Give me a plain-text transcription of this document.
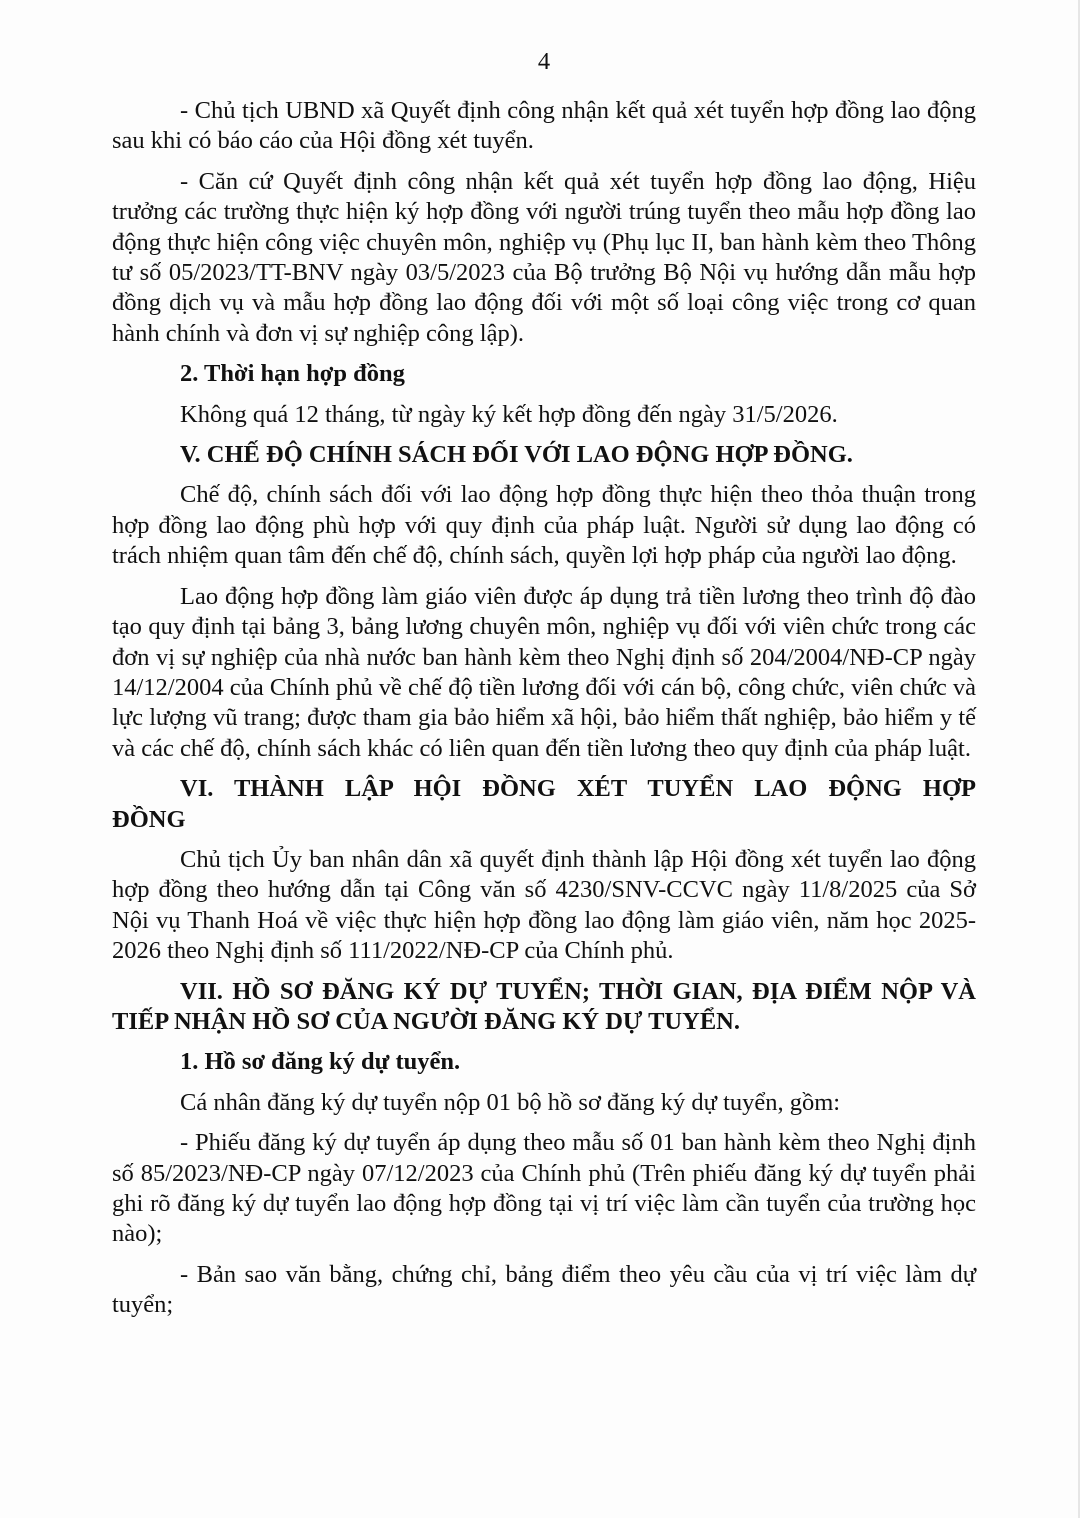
4

- Chủ tịch UBND xã Quyết định công nhận kết quả xét tuyển hợp đồng lao động sau khi có báo cáo của Hội đồng xét tuyển.

- Căn cứ Quyết định công nhận kết quả xét tuyển hợp đồng lao động, Hiệu trưởng các trường thực hiện ký hợp đồng với người trúng tuyển theo mẫu hợp đồng lao động thực hiện công việc chuyên môn, nghiệp vụ (Phụ lục II, ban hành kèm theo Thông tư số 05/2023/TT-BNV ngày 03/5/2023 của Bộ trưởng Bộ Nội vụ hướng dẫn mẫu hợp đồng dịch vụ và mẫu hợp đồng lao động đối với một số loại công việc trong cơ quan hành chính và đơn vị sự nghiệp công lập).

2. Thời hạn hợp đồng

Không quá 12 tháng, từ ngày ký kết hợp đồng đến ngày 31/5/2026.

V. CHẾ ĐỘ CHÍNH SÁCH ĐỐI VỚI LAO ĐỘNG HỢP ĐỒNG.

Chế độ, chính sách đối với lao động hợp đồng thực hiện theo thỏa thuận trong hợp đồng lao động phù hợp với quy định của pháp luật. Người sử dụng lao động có trách nhiệm quan tâm đến chế độ, chính sách, quyền lợi hợp pháp của người lao động.

Lao động hợp đồng làm giáo viên được áp dụng trả tiền lương theo trình độ đào tạo quy định tại bảng 3, bảng lương chuyên môn, nghiệp vụ đối với viên chức trong các đơn vị sự nghiệp của nhà nước ban hành kèm theo Nghị định số 204/2004/NĐ-CP ngày 14/12/2004 của Chính phủ về chế độ tiền lương đối với cán bộ, công chức, viên chức và lực lượng vũ trang; được tham gia bảo hiểm xã hội, bảo hiểm thất nghiệp, bảo hiểm y tế và các chế độ, chính sách khác có liên quan đến tiền lương theo quy định của pháp luật.

VI. THÀNH LẬP HỘI ĐỒNG XÉT TUYỂN LAO ĐỘNG HỢP ĐỒNG

Chủ tịch Ủy ban nhân dân xã quyết định thành lập Hội đồng xét tuyển lao động hợp đồng theo hướng dẫn tại Công văn số 4230/SNV-CCVC ngày 11/8/2025 của Sở Nội vụ Thanh Hoá về việc thực hiện hợp đồng lao động làm giáo viên, năm học 2025-2026 theo Nghị định số 111/2022/NĐ-CP của Chính phủ.

VII. HỒ SƠ ĐĂNG KÝ DỰ TUYỂN; THỜI GIAN, ĐỊA ĐIỂM NỘP VÀ TIẾP NHẬN HỒ SƠ CỦA NGƯỜI ĐĂNG KÝ DỰ TUYỂN.

1. Hồ sơ đăng ký dự tuyển.

Cá nhân đăng ký dự tuyển nộp 01 bộ hồ sơ đăng ký dự tuyển, gồm:

- Phiếu đăng ký dự tuyển áp dụng theo mẫu số 01 ban hành kèm theo Nghị định số 85/2023/NĐ-CP ngày 07/12/2023 của Chính phủ (Trên phiếu đăng ký dự tuyển phải ghi rõ đăng ký dự tuyển lao động hợp đồng tại vị trí việc làm cần tuyển của trường học nào);

- Bản sao văn bằng, chứng chỉ, bảng điểm theo yêu cầu của vị trí việc làm dự tuyển;
